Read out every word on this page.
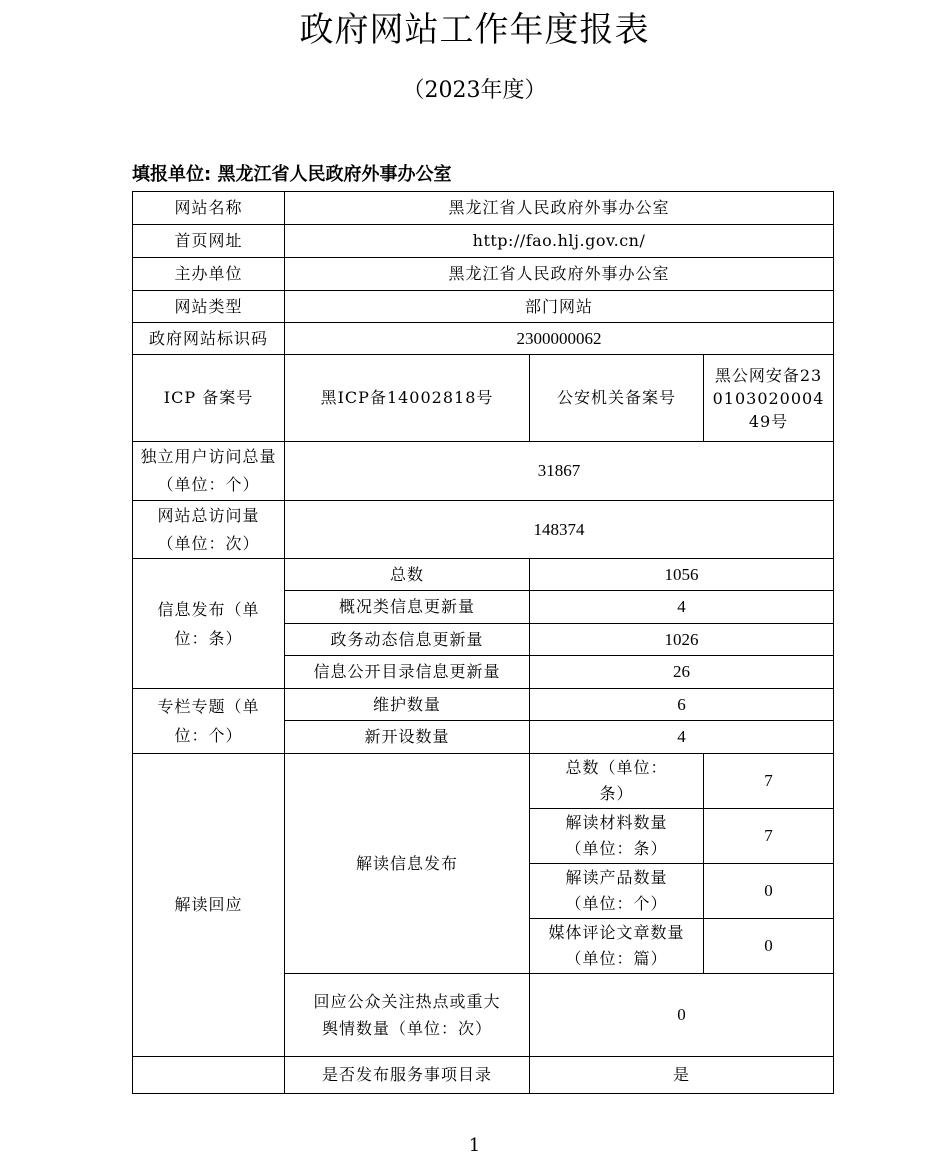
政府网站工作年度报表
（2023年度）
填报单位: 黑龙江省人民政府外事办公室
网站名称	黑龙江省人民政府外事办公室		
首页网址	http://fao.hlj.gov.cn/		
主办单位	黑龙江省人民政府外事办公室		
网站类型	部门网站		
政府网站标识码	2300000062		
ICP 备案号	黑ICP备14002818号	公安机关备案号	黑公网安备23010302000449号
独立用户访问总量（单位：个）	31867		
网站总访问量（单位：次）	148374		
信息发布（单位：条）	总数	1056	
	概况类信息更新量	4	
	政务动态信息更新量	1026	
	信息公开目录信息更新量	26	
专栏专题（单位：个）	维护数量	6	
	新开设数量	4	
解读回应	解读信息发布	总数（单位：条）	7
		解读材料数量（单位：条）	7
		解读产品数量（单位：个）	0
		媒体评论文章数量（单位：篇）	0
	回应公众关注热点或重大舆情数量（单位：次）	0	
	是否发布服务事项目录	是	
1
